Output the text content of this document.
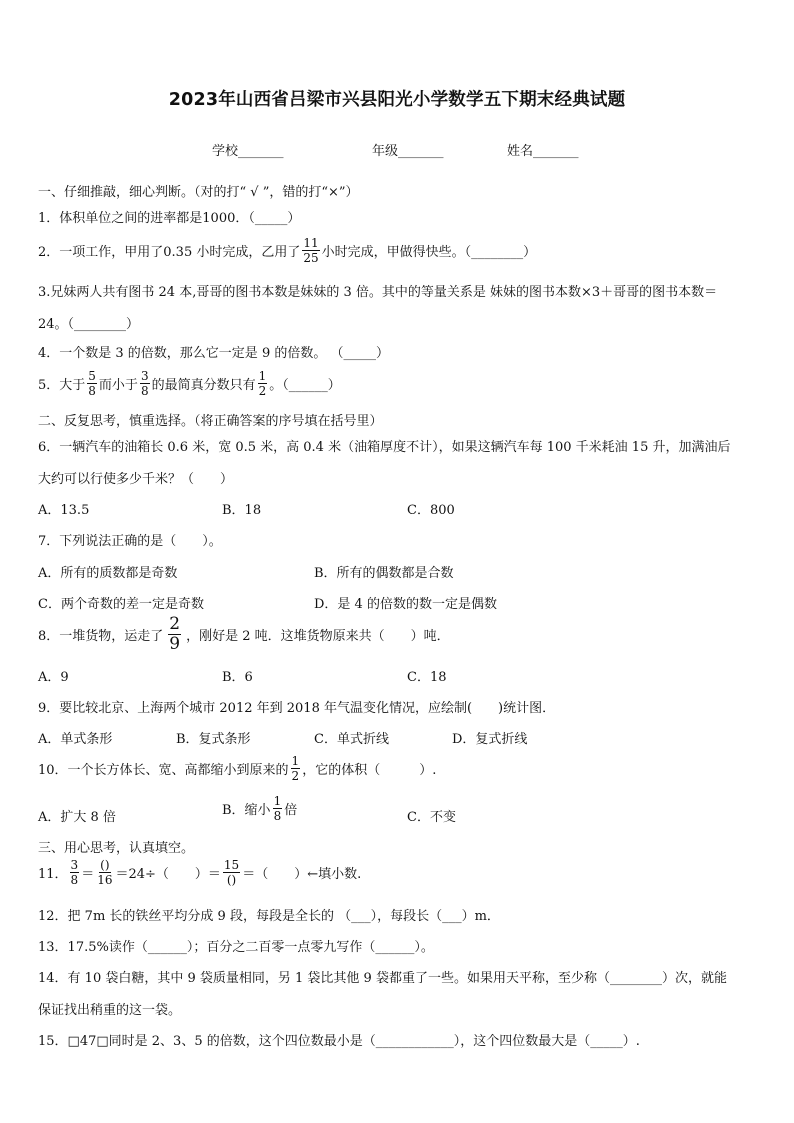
2023年山西省吕梁市兴县阳光小学数学五下期末经典试题
学校_______	年级_______	姓名_______
一、仔细推敲，细心判断。（对的打“ √ ”，错的打“×”）
1．体积单位之间的进率都是1000．（_____）
2．一项工作，甲用了0.35 小时完成，乙用了 $\frac{11}{25}$ 小时完成，甲做得快些。（________）
3.兄妹两人共有图书 24 本,哥哥的图书本数是妹妹的 3 倍。其中的等量关系是 妹妹的图书本数×3＋哥哥的图书本数＝
24。（________）
4．一个数是 3 的倍数，那么它一定是 9 的倍数。 （_____）
5．大于 $\frac{5}{8}$ 而小于 $\frac{3}{8}$ 的最简真分数只有 $\frac{1}{2}$ 。（______）
二、反复思考，慎重选择。（将正确答案的序号填在括号里）
6．一辆汽车的油箱长 0.6 米，宽 0.5 米，高 0.4 米（油箱厚度不计），如果这辆汽车每 100 千米耗油 15 升，加满油后
大约可以行使多少千米？（　　）
A．13.5	B．18	C．800
7．下列说法正确的是（　　）。
A．所有的质数都是奇数	B．所有的偶数都是合数
C．两个奇数的差一定是奇数	D．是 4 的倍数的数一定是偶数
8．一堆货物，运走了 $\frac{2}{9}$ ，刚好是 2 吨．这堆货物原来共（　　）吨．
A．9	B．6	C．18
9．要比较北京、上海两个城市 2012 年到 2018 年气温变化情况，应绘制(　　)统计图．
A．单式条形	B．复式条形	C．单式折线	D．复式折线
10．一个长方体长、宽、高都缩小到原来的 $\frac{1}{2}$ ，它的体积（　　　）.
A．扩大 8 倍	B．缩小 $\frac{1}{8}$ 倍	C．不变
三、用心思考，认真填空。
11． $\frac{3}{8} = \frac{()}{16} =24\div$（　　）＝ $\frac{15}{()}$ ＝（　　）←填小数.
12．把 7m 长的铁丝平均分成 9 段，每段是全长的 （___），每段长（___）m．
13．17.5%读作（______）；百分之二百零一点零九写作（______）。
14．有 10 袋白糖，其中 9 袋质量相同，另 1 袋比其他 9 袋都重了一些。如果用天平称，至少称（________）次，就能
保证找出稍重的这一袋。
15．□47□同时是 2、3、5 的倍数，这个四位数最小是（____________），这个四位数最大是（_____）.
